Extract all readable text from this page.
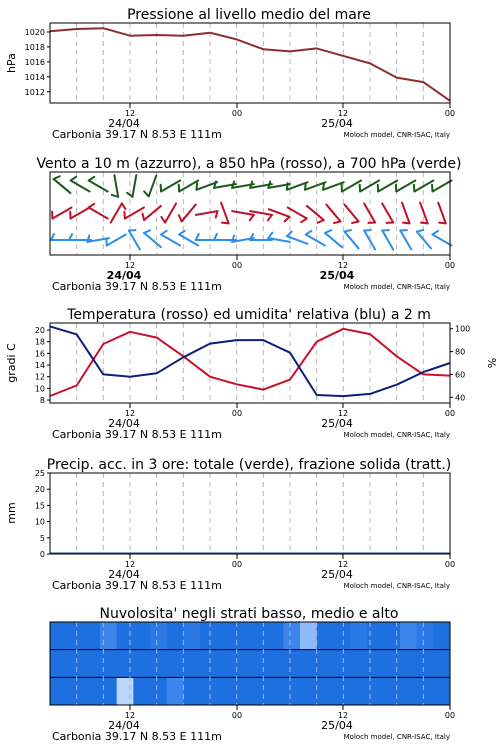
Pressione al livello medio del mare
hPa
1012
1014
1016
1018
1020
12	00	12	00
24/04	25/04
Carbonia 39.17 N 8.53 E 111m	Moloch model, CNR-ISAC, Italy
Vento a 10 m (azzurro), a 850 hPa (rosso), a 700 hPa (verde)
12	00	12	00
24/04	25/04
Carbonia 39.17 N 8.53 E 111m	Moloch model, CNR-ISAC, Italy
Temperatura (rosso) ed umidita' relativa (blu) a 2 m
gradi C	%
8
10
12
14
16
18
20
40
60
80
100
12	00	12	00
24/04	25/04
Carbonia 39.17 N 8.53 E 111m	Moloch model, CNR-ISAC, Italy
Precip. acc. in 3 ore: totale (verde), frazione solida (tratt.)
mm
0
5
10
15
20
25
12	00	12	00
24/04	25/04
Carbonia 39.17 N 8.53 E 111m	Moloch model, CNR-ISAC, Italy
Nuvolosita' negli strati basso, medio e alto
12	00	12	00
24/04	25/04
Carbonia 39.17 N 8.53 E 111m	Moloch model, CNR-ISAC, Italy
